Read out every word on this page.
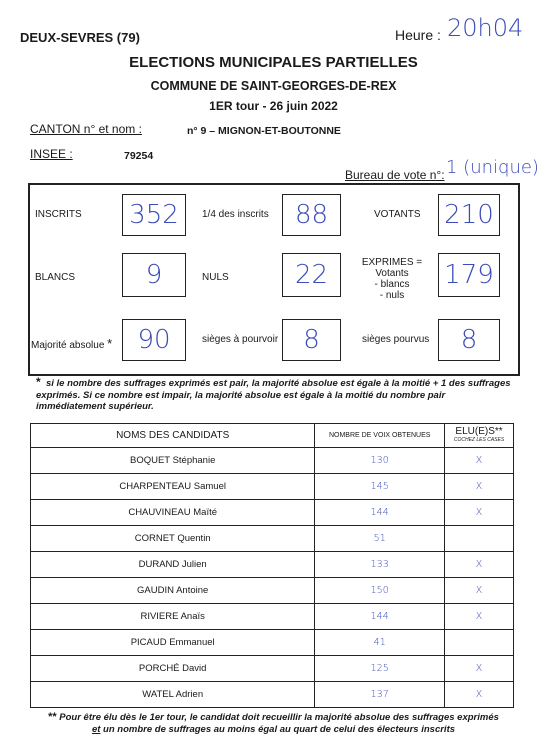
DEUX-SEVRES (79)	Heure : 20h04
ELECTIONS MUNICIPALES PARTIELLES
COMMUNE DE SAINT-GEORGES-DE-REX
1ER tour - 26 juin 2022
CANTON n° et nom :	n° 9 – MIGNON-ET-BOUTONNE
INSEE :	79254
Bureau de vote n°: 1 (unique)
INSCRITS 352	1/4 des inscrits	88	VOTANTS 210
BLANCS	9	NULS	22	EXPRIMES =
Votants
- blancs
- nuls
179
Majorité absolue * 90	sièges à pourvoir 8	sièges pourvus	8
* si le nombre des suffrages exprimés est pair, la majorité absolue est égale à la moitié + 1 des suffrages exprimés. Si ce nombre est impair, la majorité absolue est égale à la moitié du nombre pair immédiatement supérieur.
NOMS DES CANDIDATS	NOMBRE DE VOIX OBTENUES	ELU(E)S**
COCHEZ LES CASES

BOQUET Stéphanie	130	X
CHARPENTEAU Samuel	145	X
CHAUVINEAU Maïté	144	X
CORNET Quentin	51	
DURAND Julien	133	X
GAUDIN Antoine	150	X
RIVIERE Anaïs	144	X
PICAUD Emmanuel	41	
PORCHÉ David	125	X
WATEL Adrien	137	X
** Pour être élu dès le 1er tour, le candidat doit recueillir la majorité absolue des suffrages exprimés
et un nombre de suffrages au moins égal au quart de celui des électeurs inscrits
